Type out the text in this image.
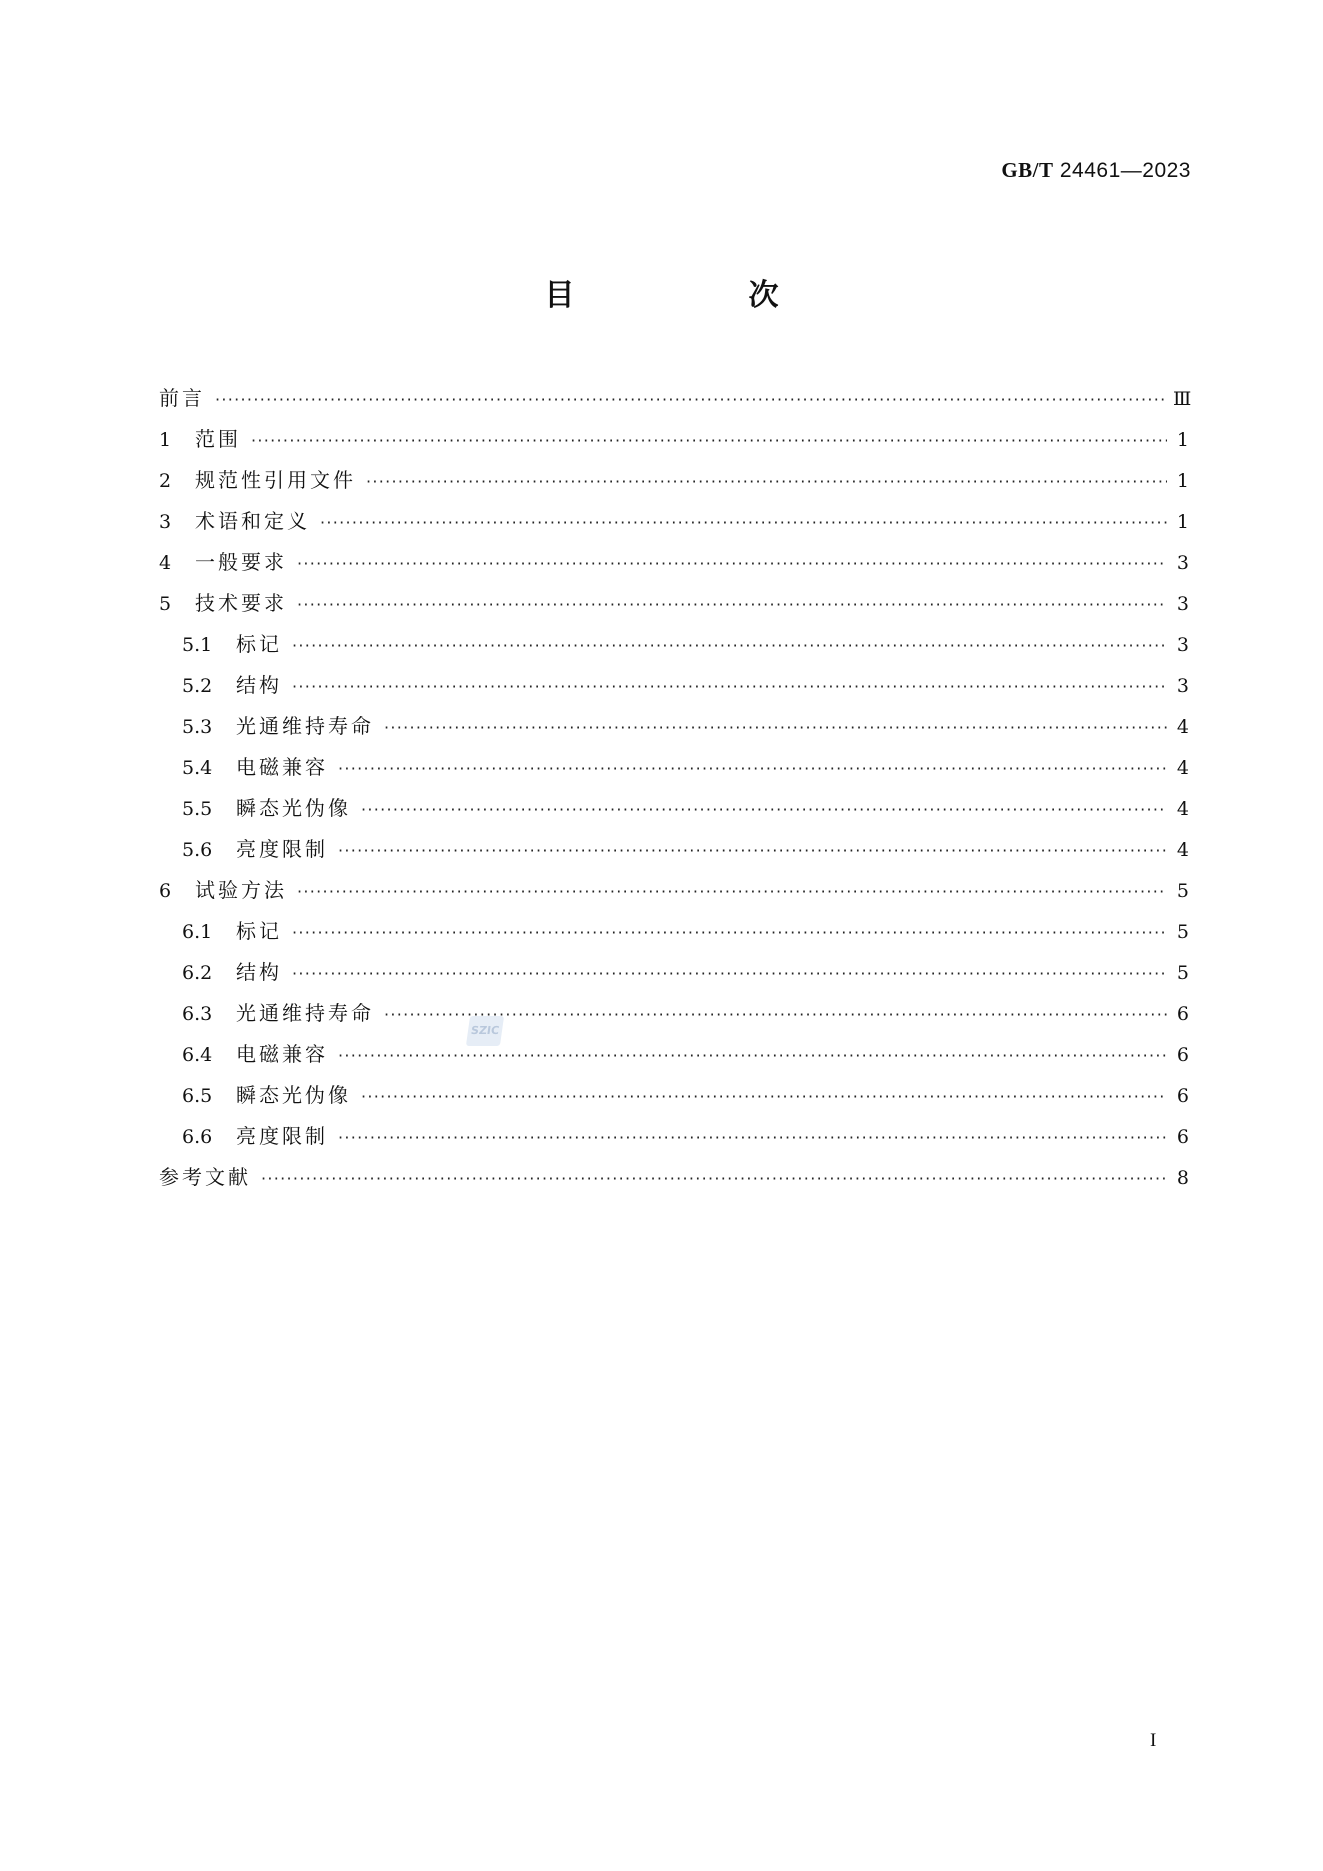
GB/T 24461—2023
目　次
前言 ·····	Ⅲ
1	范围 ·····	1
2	规范性引用文件 ·····	1
3	术语和定义 ·····	1
4	一般要求 ·····	3
5	技术要求 ·····	3
5.1	标记 ·····	3
5.2	结构 ·····	3
5.3	光通维持寿命 ·····	4
5.4	电磁兼容 ·····	4
5.5	瞬态光伪像 ·····	4
5.6	亮度限制 ·····	4
6	试验方法 ·····	5
6.1	标记 ·····	5
6.2	结构 ·····	5
6.3	光通维持寿命 ·····	6
6.4	电磁兼容 ·····	6
6.5	瞬态光伪像 ·····	6
6.6	亮度限制 ·····	6
参考文献 ·····	8
SZIC
I
